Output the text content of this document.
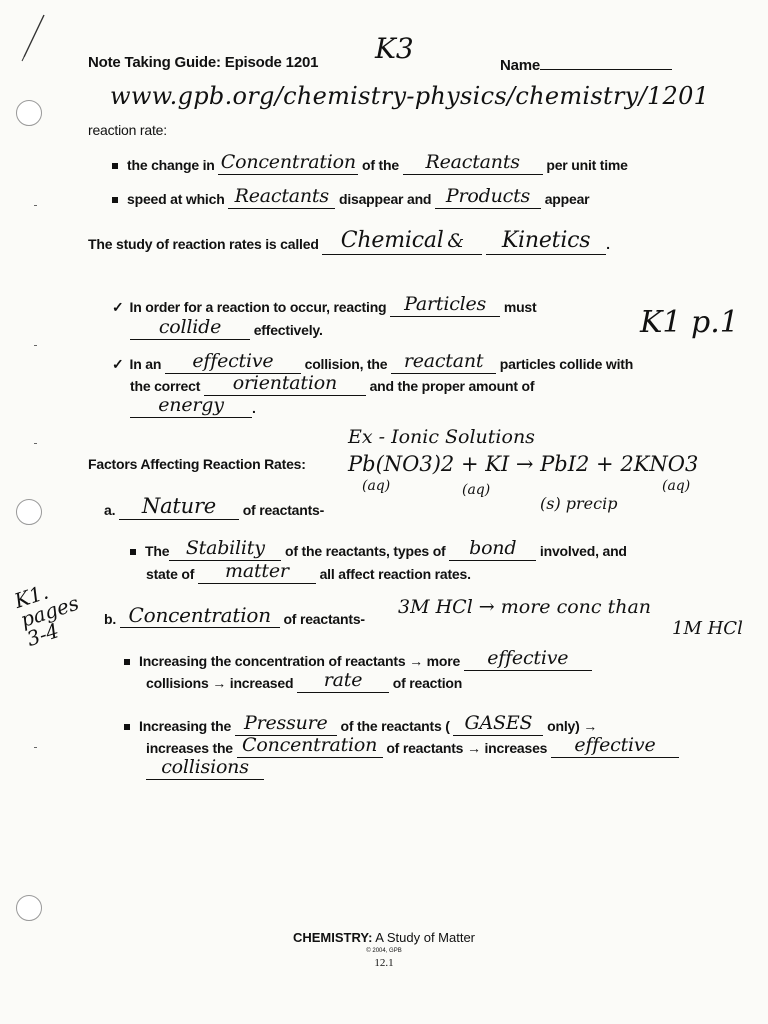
Note Taking Guide: Episode 1201 K3
Name
www.gpb.org/chemistry-physics/chemistry/1201
reaction rate:
the change in Concentration of the Reactants per unit time
speed at which Reactants disappear and Products appear
The study of reaction rates is called Chemical & Kinetics .
✓ In order for a reaction to occur, reacting Particles must
collide effectively.	K1 p.1
✓ In an effective collision, the reactant particles collide with
the correct orientation and the proper amount of
energy .
Ex - Ionic Solutions
Factors Affecting Reaction Rates: Pb(NO3)2 + KI → PbI2 + 2KNO3
(aq)	(aq)
(s) precip
(aq)
a. Nature of reactants-
The Stability of the reactants, types of bond involved, and
state of matter all affect reaction rates.
K1. pages 3-4	b. Concentration of reactants-
3M HCl → more conc than
1M HCl
Increasing the concentration of reactants → more effective
collisions → increased rate of reaction
Increasing the Pressure of the reactants ( GASES only) →
increases the Concentration of reactants → increases effective
collisions
CHEMISTRY: A Study of Matter
© 2004, GPB
12.1
